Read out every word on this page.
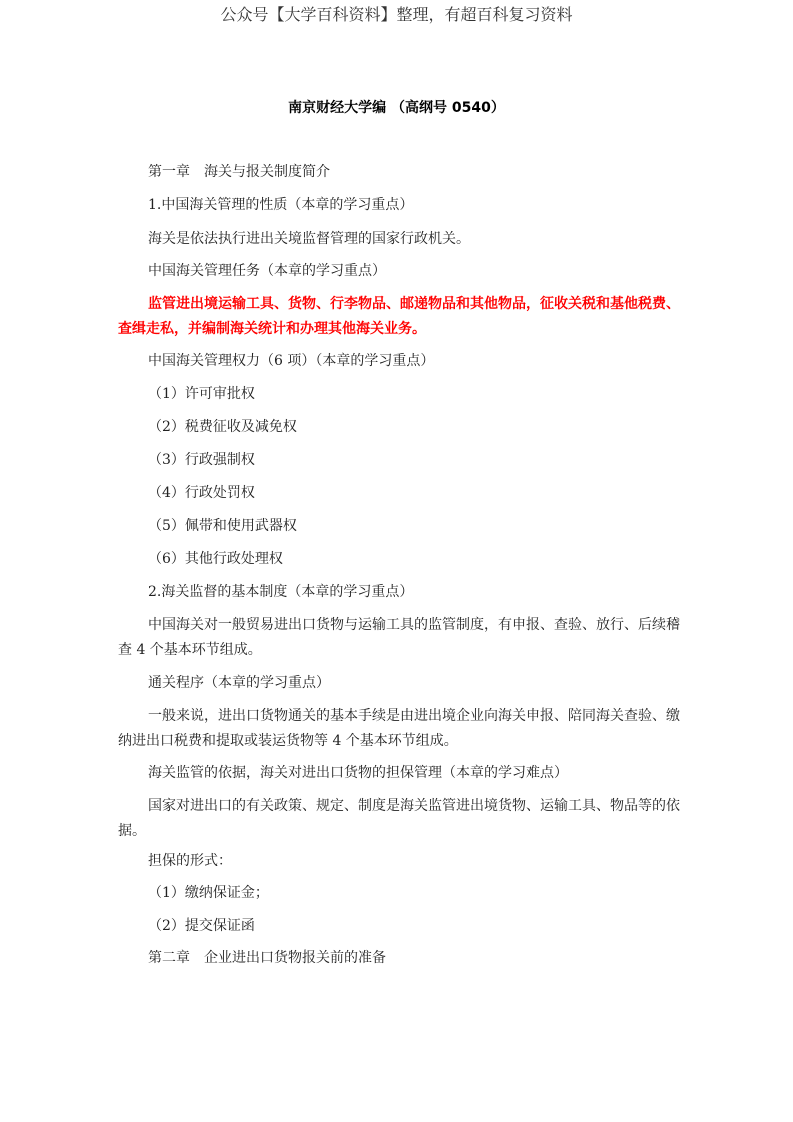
公众号【大学百科资料】整理，有超百科复习资料
南京财经大学编 （高纲号 0540）

第一章　海关与报关制度简介

1.中国海关管理的性质（本章的学习重点）

海关是依法执行进出关境监督管理的国家行政机关。

中国海关管理任务（本章的学习重点）

监管进出境运输工具、货物、行李物品、邮递物品和其他物品，征收关税和基他税费、查缉走私，并编制海关统计和办理其他海关业务。

中国海关管理权力（6 项）（本章的学习重点）

（1）许可审批权

（2）税费征收及减免权

（3）行政强制权

（4）行政处罚权

（5）佩带和使用武器权

（6）其他行政处理权

2.海关监督的基本制度（本章的学习重点）

中国海关对一般贸易进出口货物与运输工具的监管制度，有申报、查验、放行、后续稽查 4 个基本环节组成。

通关程序（本章的学习重点）

一般来说，进出口货物通关的基本手续是由进出境企业向海关申报、陪同海关查验、缴纳进出口税费和提取或装运货物等 4 个基本环节组成。

海关监管的依据，海关对进出口货物的担保管理（本章的学习难点）

国家对进出口的有关政策、规定、制度是海关监管进出境货物、运输工具、物品等的依据。

担保的形式：

（1）缴纳保证金；

（2）提交保证函

第二章　企业进出口货物报关前的准备
